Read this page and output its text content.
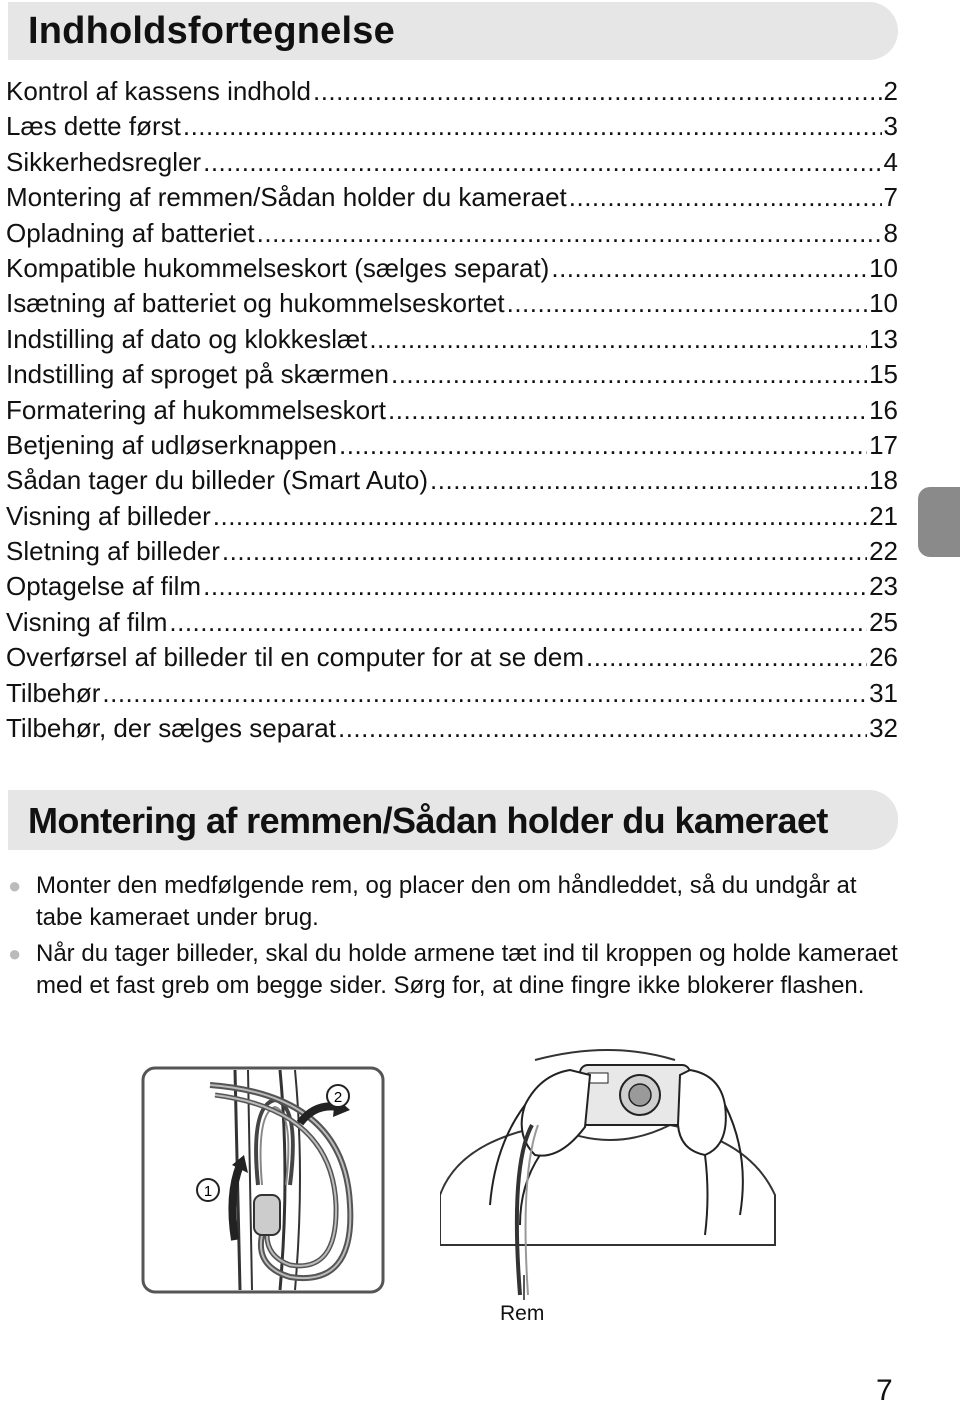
Indholdsfortegnelse
Kontrol af kassens indhold .....	2
Læs dette først .....	3
Sikkerhedsregler .....	4
Montering af remmen/Sådan holder du kameraet .....	7
Opladning af batteriet .....	8
Kompatible hukommelseskort (sælges separat) .....	10
Isætning af batteriet og hukommelseskortet .....	10
Indstilling af dato og klokkeslæt .....	13
Indstilling af sproget på skærmen .....	15
Formatering af hukommelseskort .....	16
Betjening af udløserknappen .....	17
Sådan tager du billeder (Smart Auto) .....	18
Visning af billeder .....	21
Sletning af billeder .....	22
Optagelse af film .....	23
Visning af film .....	25
Overførsel af billeder til en computer for at se dem .....	26
Tilbehør .....	31
Tilbehør, der sælges separat .....	32
Montering af remmen/Sådan holder du kameraet
● Monter den medfølgende rem, og placer den om håndleddet, så du undgår at tabe kameraet under brug.
● Når du tager billeder, skal du holde armene tæt ind til kroppen og holde kameraet med et fast greb om begge sider. Sørg for, at dine fingre ikke blokerer flashen.
1
2
Rem
7
